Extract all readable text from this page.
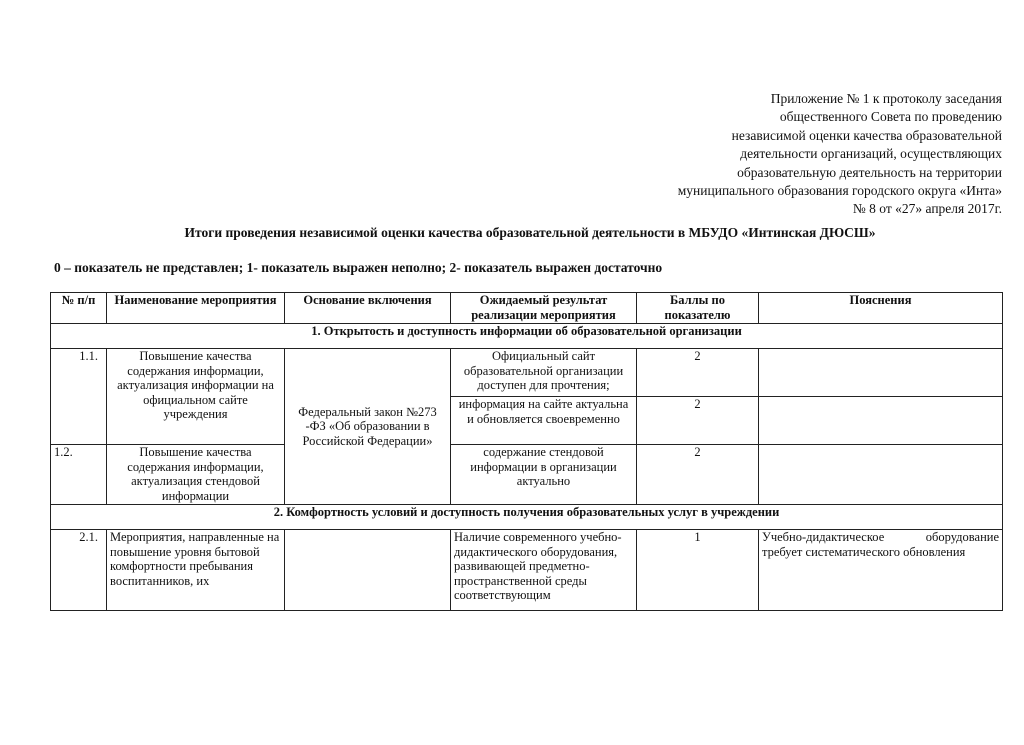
Приложение № 1 к протоколу заседания
общественного Совета по проведению
независимой оценки качества образовательной
деятельности организаций, осуществляющих
образовательную деятельность на территории
муниципального образования городского округа «Инта»
№ 8 от «27» апреля 2017г.
Итоги проведения независимой оценки качества образовательной деятельности в МБУДО «Интинская ДЮСШ»
0 – показатель не представлен; 1- показатель выражен неполно; 2- показатель выражен достаточно
№ п/п	Наименование мероприятия	Основание включения	Ожидаемый результат реализации мероприятия	Баллы по показателю	Пояснения
1. Открытость и доступность информации об образовательной организации					
1.1.	Повышение качества содержания информации, актуализация информации на официальном сайте учреждения	Федеральный закон №273 -ФЗ «Об образовании в Российской Федерации»	Официальный сайт образовательной организации доступен для прочтения;	2	
			информация на сайте актуальна и обновляется своевременно	2	
1.2.	Повышение качества содержания информации, актуализация стендовой информации		содержание стендовой информации в организации актуально	2	
2. Комфортность условий и доступность получения образовательных услуг в учреждении					
2.1.	Мероприятия, направленные на повышение уровня бытовой комфортности пребывания воспитанников, их		Наличие современного учебно-дидактического оборудования, развивающей предметно-пространственной среды соответствующим	1	Учебно-дидактическое оборудование требует систематического обновления
